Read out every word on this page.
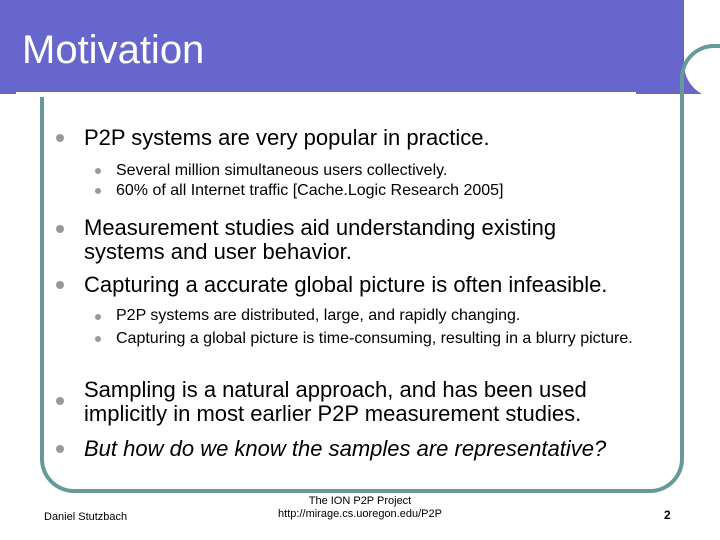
Motivation
P2P systems are very popular in practice.
Several million simultaneous users collectively.
60% of all Internet traffic [Cache.Logic Research 2005]
Measurement studies aid understanding existing systems and user behavior.
Capturing a accurate global picture is often infeasible.
P2P systems are distributed, large, and rapidly changing.
Capturing a global picture is time-consuming, resulting in a blurry picture.
Sampling is a natural approach, and has been used implicitly in most earlier P2P measurement studies.
But how do we know the samples are representative?
Daniel Stutzbach
The ION P2P Project
http://mirage.cs.uoregon.edu/P2P	2
